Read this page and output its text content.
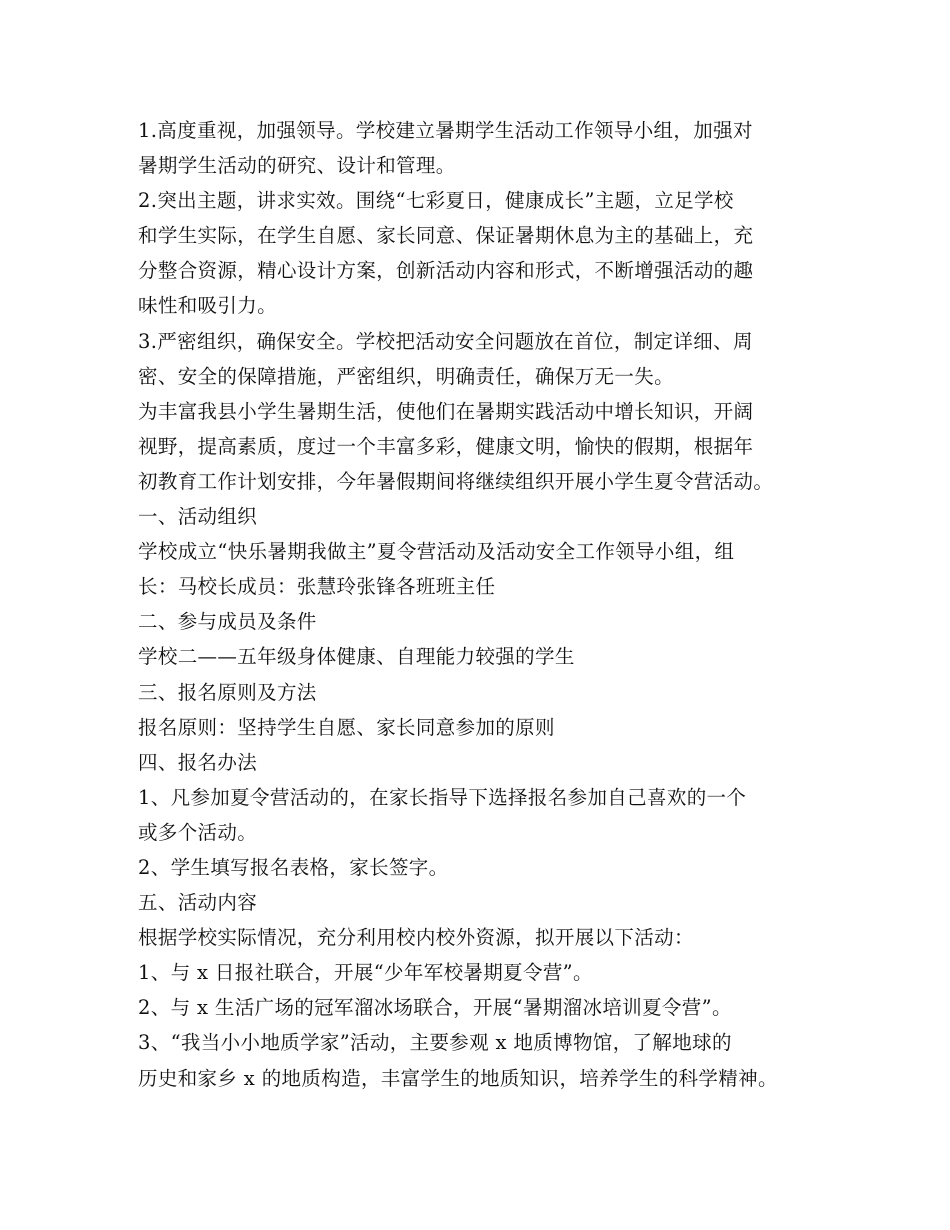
1.高度重视，加强领导。学校建立暑期学生活动工作领导小组，加强对
暑期学生活动的研究、设计和管理。
2.突出主题，讲求实效。围绕“七彩夏日，健康成长”主题，立足学校
和学生实际，在学生自愿、家长同意、保证暑期休息为主的基础上，充
分整合资源，精心设计方案，创新活动内容和形式，不断增强活动的趣
味性和吸引力。
3.严密组织，确保安全。学校把活动安全问题放在首位，制定详细、周
密、安全的保障措施，严密组织，明确责任，确保万无一失。
为丰富我县小学生暑期生活，使他们在暑期实践活动中增长知识，开阔
视野，提高素质，度过一个丰富多彩，健康文明，愉快的假期，根据年
初教育工作计划安排，今年暑假期间将继续组织开展小学生夏令营活动。
一、活动组织
学校成立“快乐暑期我做主”夏令营活动及活动安全工作领导小组，组
长：马校长成员：张慧玲张锋各班班主任
二、参与成员及条件
学校二——五年级身体健康、自理能力较强的学生
三、报名原则及方法
报名原则：坚持学生自愿、家长同意参加的原则
四、报名办法
1、凡参加夏令营活动的，在家长指导下选择报名参加自己喜欢的一个
或多个活动。
2、学生填写报名表格，家长签字。
五、活动内容
根据学校实际情况，充分利用校内校外资源，拟开展以下活动：
1、与 x 日报社联合，开展“少年军校暑期夏令营”。
2、与 x 生活广场的冠军溜冰场联合，开展“暑期溜冰培训夏令营”。
3、“我当小小地质学家”活动，主要参观 x 地质博物馆，了解地球的
历史和家乡 x 的地质构造，丰富学生的地质知识，培养学生的科学精神。
